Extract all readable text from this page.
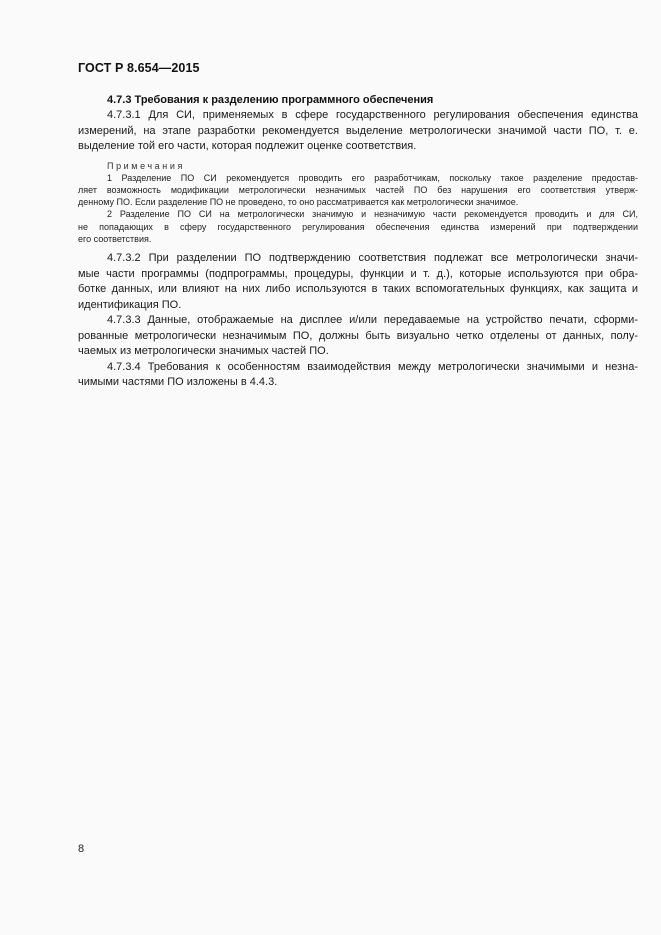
ГОСТ Р 8.654—2015

4.7.3 Требования к разделению программного обеспечения

4.7.3.1 Для СИ, применяемых в сфере государственного регулирования обеспечения единства
измерений, на этапе разработки рекомендуется выделение метрологически значимой части ПО, т. е.
выделение той его части, которая подлежит оценке соответствия.
Примечания
1 Разделение ПО СИ рекомендуется проводить его разработчикам, поскольку такое разделение предостав-
ляет возможность модификации метрологически незначимых частей ПО без нарушения его соответствия утверж-
денному ПО. Если разделение ПО не проведено, то оно рассматривается как метрологически значимое.
2 Разделение ПО СИ на метрологически значимую и незначимую части рекомендуется проводить и для СИ,
не попадающих в сферу государственного регулирования обеспечения единства измерений при подтверждении
его соответствия.
4.7.3.2 При разделении ПО подтверждению соответствия подлежат все метрологически значи-
мые части программы (подпрограммы, процедуры, функции и т. д.), которые используются при обра-
ботке данных, или влияют на них либо используются в таких вспомогательных функциях, как защита и
идентификация ПО.
4.7.3.3 Данные, отображаемые на дисплее и/или передаваемые на устройство печати, сформи-
рованные метрологически незначимым ПО, должны быть визуально четко отделены от данных, полу-
чаемых из метрологически значимых частей ПО.
4.7.3.4 Требования к особенностям взаимодействия между метрологически значимыми и незна-
чимыми частями ПО изложены в 4.4.3.
8
